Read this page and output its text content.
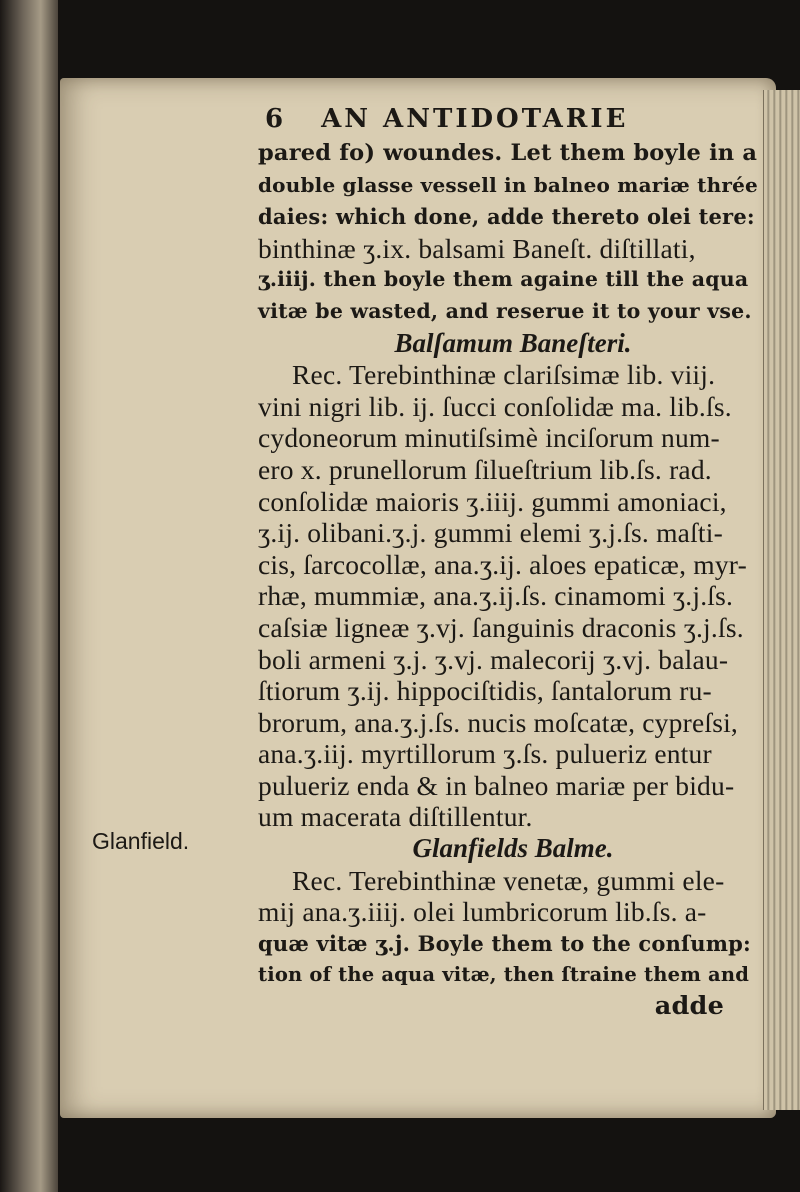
6 AN ANTIDOTARIE
Glanfield.
pared fo) woundes. Let them boyle in a
double glasse vessell in balneo mariæ thrée
daies: which done, adde thereto olei tere:
binthinæ ʒ.ix. balsami Baneſt. diſtillati,
ʒ.iiij. then boyle them againe till the aqua
vitæ be wasted, and reserue it to your vse.
Balſamum Baneſteri.
Rec. Terebinthinæ clariſsimæ lib. viij.
vini nigri lib. ij. ſucci conſolidæ ma. lib.ſs.
cydoneorum minutiſsimè inciſorum num-
ero x. prunellorum ſilueſtrium lib.ſs. rad.
conſolidæ maioris ʒ.iiij. gummi amoniaci,
ʒ.ij. olibani.ʒ.j. gummi elemi ʒ.j.ſs. maſti-
cis, ſarcocollæ, ana.ʒ.ij. aloes epaticæ, myr-
rhæ, mummiæ, ana.ʒ.ij.ſs. cinamomi ʒ.j.ſs.
caſsiæ ligneæ ʒ.vj. ſanguinis draconis ʒ.j.ſs.
boli armeni ʒ.j. ʒ.vj. malecorij ʒ.vj. balau-
ſtiorum ʒ.ij. hippociſtidis, ſantalorum ru-
brorum, ana.ʒ.j.ſs. nucis moſcatæ, cypreſsi,
ana.ʒ.iij. myrtillorum ʒ.ſs. pulueriz entur
pulueriz enda & in balneo mariæ per bidu-
um macerata diſtillentur.
Glanfields Balme.
Rec. Terebinthinæ venetæ, gummi ele-
mij ana.ʒ.iiij. olei lumbricorum lib.ſs. a-
quæ vitæ ʒ.j. Boyle them to the conſump:
tion of the aqua vitæ, then ſtraine them and
adde
